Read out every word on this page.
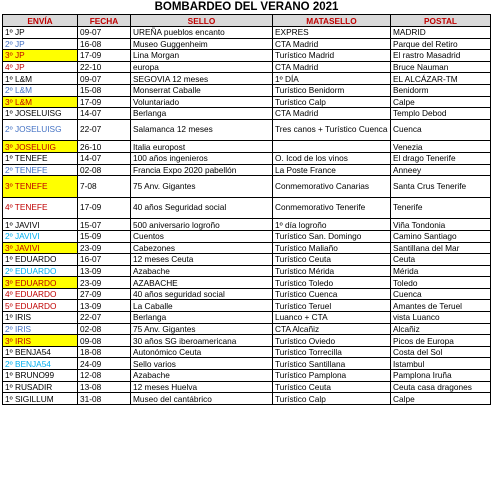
BOMBARDEO DEL VERANO 2021
ENVÍA	FECHA	SELLO	MATASELLO	POSTAL
1º JP	09-07	UREÑA pueblos encanto	EXPRES	MADRID
2º JP	16-08	Museo Guggenheim	CTA Madrid	Parque del Retiro
3º JP	17-09	Lina Morgan	Turístico Madrid	El rastro Masadrid
4º JP	22-10	europa	CTA Madrid	Bruce Nauman
1º L&M	09-07	SEGOVIA 12 meses	1º DÍA	EL ALCÁZAR-TM
2º L&M	15-08	Monserrat Caballe	Turístico Benidorm	Benidorm
3º L&M	17-09	Voluntariado	Turístico Calp	Calpe
1º JOSELUISG	14-07	Berlanga	CTA Madrid	Templo Debod
2º JOSELUISG	22-07	Salamanca 12 meses	Tres canos + Turístico Cuenca	Cuenca
3º JOSELUIG	26-10	Italia europost		Venezia
1º TENEFE	14-07	100 años ingenieros	O. Icod de los vinos	El drago Tenerife
2º TENEFE	02-08	Francia Expo 2020 pabellón	La Poste France	Anneey
3º TENEFE	7-08	75 Anv. Gigantes	Conmemorativo Canarias	Santa Crus Tenerife
4º TENEFE	17-09	40 años Seguridad social	Conmemorativo Tenerife	Tenerife
1º JAVIVI	15-07	500 aniversario logroño	1º día logroño	Viña Tondonia
2º JAVIVI	15-09	Cuentos	Turístico San. Domingo	Camino Santiago
3º JAVIVI	23-09	Cabezones	Turístico Maliaño	Santillana del Mar
1º EDUARDO	16-07	12 meses Ceuta	Turístico Ceuta	Ceuta
2º EDUARDO	13-09	Azabache	Turístico Mérida	Mérida
3º EDUARDO	23-09	AZABACHE	Turístico Toledo	Toledo
4º EDUARDO	27-09	40 años seguridad social	Turístico Cuenca	Cuenca
5º EDUARDO	13-09	La Caballe	Turístico Teruel	Amantes de Teruel
1º IRIS	22-07	Berlanga	Luanco + CTA	vista Luanco
2º IRIS	02-08	75 Anv. Gigantes	CTA Alcañiz	Alcañiz
3º IRIS	09-08	30 años SG iberoamericana	Turístico Oviedo	Picos de Europa
1º BENJA54	18-08	Autonómico Ceuta	Turístico Torrecilla	Costa del Sol
2º BENJA54	24-09	Sello varios	Turístico Santillana	Istambul
1º BRUNO99	12-08	Azabache	Turístico Pamplona	Pamplona Iruña
1º RUSADIR	13-08	12 meses Huelva	Turístico Ceuta	Ceuta casa dragones
1º SIGILLUM	31-08	Museo del cantábrico	Turístico Calp	Calpe
